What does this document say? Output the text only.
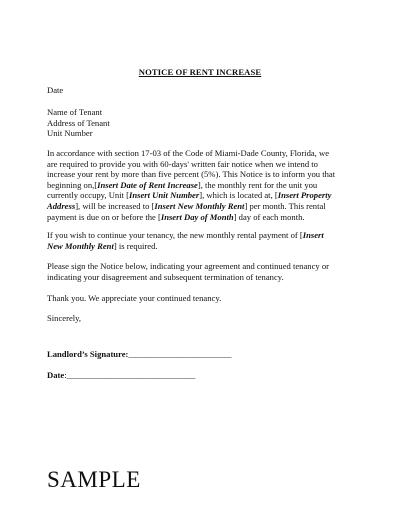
NOTICE OF RENT INCREASE
Date
Name of Tenant
Address of Tenant
Unit Number
In accordance with section 17-03 of the Code of Miami-Dade County, Florida, we
are required to provide you with 60-days' written fair notice when we intend to
increase your rent by more than five percent (5%). This Notice is to inform you that
beginning on,[Insert Date of Rent Increase], the monthly rent for the unit you
currently occupy, Unit [Insert Unit Number], which is located at, [Insert Property
Address], will be increased to [Insert New Monthly Rent] per month. This rental
payment is due on or before the [Insert Day of Month] day of each month.
If you wish to continue your tenancy, the new monthly rental payment of [Insert
New Monthly Rent] is required.
Please sign the Notice below, indicating your agreement and continued tenancy or
indicating your disagreement and subsequent termination of tenancy.
Thank you. We appreciate your continued tenancy.
Sincerely,
Landlord’s Signature:________________________
Date:______________________________
SAMPLE
